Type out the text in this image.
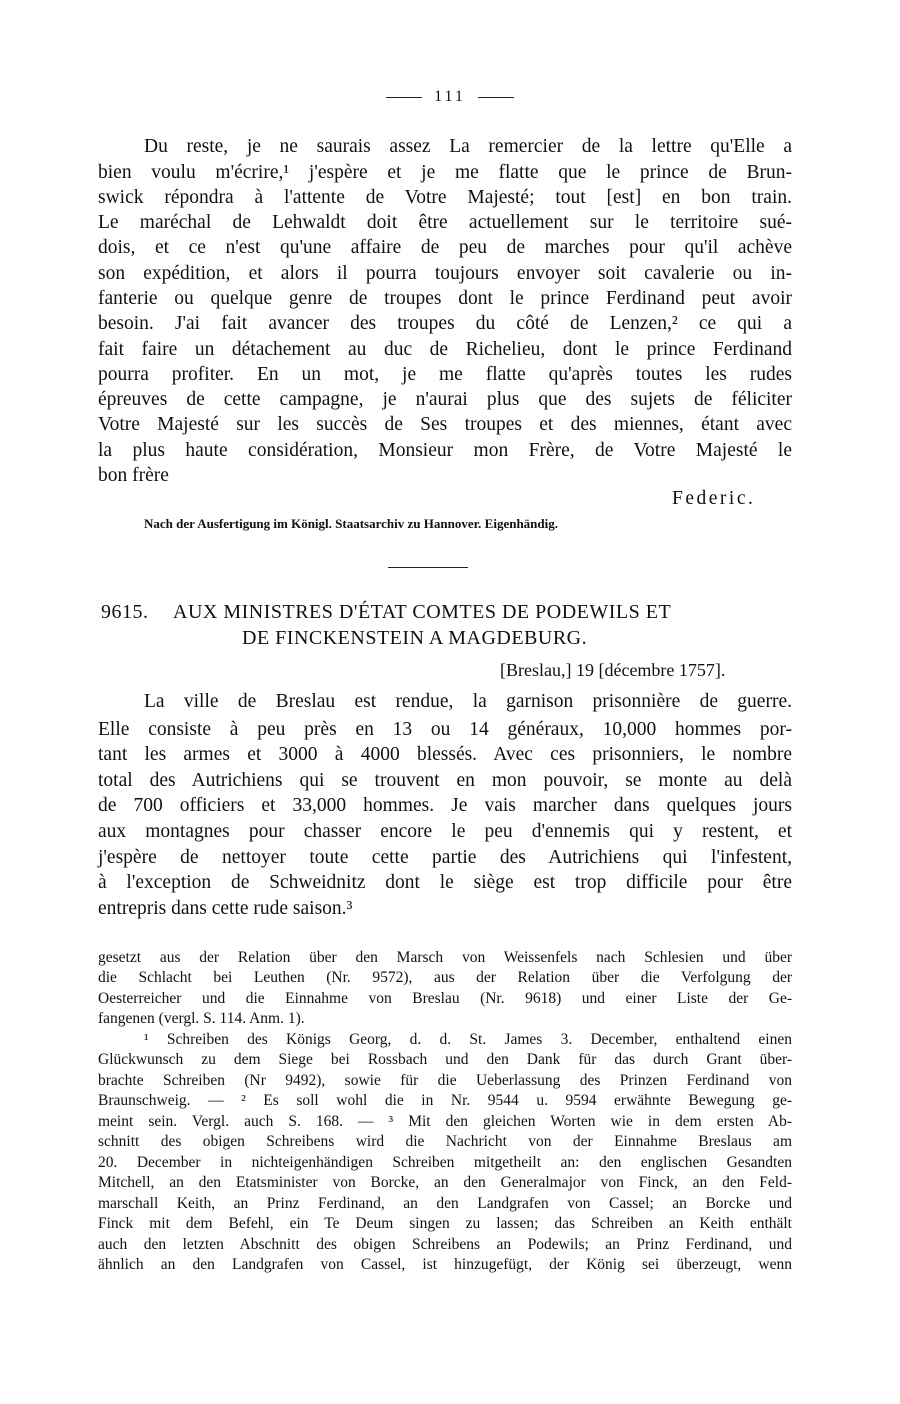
111
Du reste, je ne saurais assez La remercier de la lettre qu'Elle a
bien voulu m'écrire,¹ j'espère et je me flatte que le prince de Brun-
swick répondra à l'attente de Votre Majesté; tout [est] en bon train.
Le maréchal de Lehwaldt doit être actuellement sur le territoire sué-
dois, et ce n'est qu'une affaire de peu de marches pour qu'il achève
son expédition, et alors il pourra toujours envoyer soit cavalerie ou in-
fanterie ou quelque genre de troupes dont le prince Ferdinand peut avoir
besoin. J'ai fait avancer des troupes du côté de Lenzen,² ce qui a
fait faire un détachement au duc de Richelieu, dont le prince Ferdinand
pourra profiter. En un mot, je me flatte qu'après toutes les rudes
épreuves de cette campagne, je n'aurai plus que des sujets de féliciter
Votre Majesté sur les succès de Ses troupes et des miennes, étant avec
la plus haute considération, Monsieur mon Frère, de Votre Majesté le
bon frère
Federic.
Nach der Ausfertigung im Königl. Staatsarchiv zu Hannover. Eigenhändig.
9615. AUX MINISTRES D'ÉTAT COMTES DE PODEWILS ET
DE FINCKENSTEIN A MAGDEBURG.
[Breslau,] 19 [décembre 1757].
La ville de Breslau est rendue, la garnison prisonnière de guerre.
Elle consiste à peu près en 13 ou 14 généraux, 10,000 hommes por-
tant les armes et 3000 à 4000 blessés. Avec ces prisonniers, le nombre
total des Autrichiens qui se trouvent en mon pouvoir, se monte au delà
de 700 officiers et 33,000 hommes. Je vais marcher dans quelques jours
aux montagnes pour chasser encore le peu d'ennemis qui y restent, et
j'espère de nettoyer toute cette partie des Autrichiens qui l'infestent,
à l'exception de Schweidnitz dont le siège est trop difficile pour être
entrepris dans cette rude saison.³
gesetzt aus der Relation über den Marsch von Weissenfels nach Schlesien und über
die Schlacht bei Leuthen (Nr. 9572), aus der Relation über die Verfolgung der
Oesterreicher und die Einnahme von Breslau (Nr. 9618) und einer Liste der Ge-
fangenen (vergl. S. 114. Anm. 1).
¹ Schreiben des Königs Georg, d. d. St. James 3. December, enthaltend einen
Glückwunsch zu dem Siege bei Rossbach und den Dank für das durch Grant über-
brachte Schreiben (Nr 9492), sowie für die Ueberlassung des Prinzen Ferdinand von
Braunschweig. — ² Es soll wohl die in Nr. 9544 u. 9594 erwähnte Bewegung ge-
meint sein. Vergl. auch S. 168. — ³ Mit den gleichen Worten wie in dem ersten Ab-
schnitt des obigen Schreibens wird die Nachricht von der Einnahme Breslaus am
20. December in nichteigenhändigen Schreiben mitgetheilt an: den englischen Gesandten
Mitchell, an den Etatsminister von Borcke, an den Generalmajor von Finck, an den Feld-
marschall Keith, an Prinz Ferdinand, an den Landgrafen von Cassel; an Borcke und
Finck mit dem Befehl, ein Te Deum singen zu lassen; das Schreiben an Keith enthält
auch den letzten Abschnitt des obigen Schreibens an Podewils; an Prinz Ferdinand, und
ähnlich an den Landgrafen von Cassel, ist hinzugefügt, der König sei überzeugt, wenn
